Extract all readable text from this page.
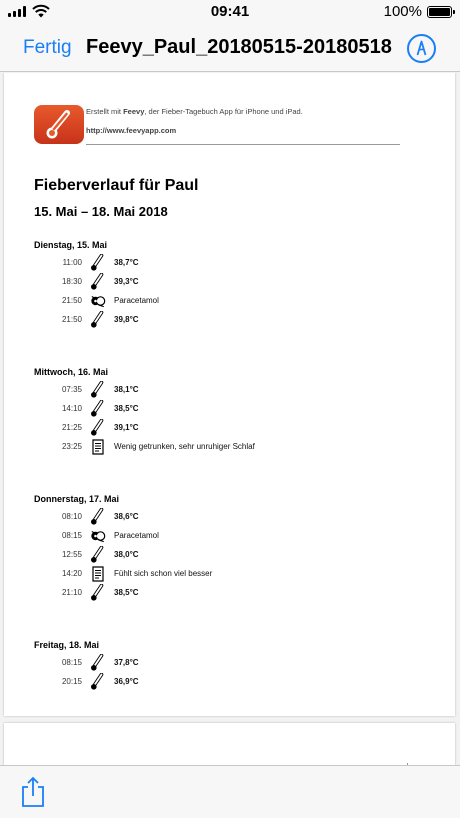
09:41	100%
Fertig Feevy_Paul_20180515-20180518
Erstellt mit Feevy, der Fieber-Tagebuch App für iPhone und iPad.
http://www.feevyapp.com
Fieberverlauf für Paul
15. Mai – 18. Mai 2018
Dienstag, 15. Mai
11:00	38,7°C
18:30	39,3°C
21:50	Paracetamol
21:50	39,8°C
Mittwoch, 16. Mai
07:35	38,1°C
14:10	38,5°C
21:25	39,1°C
23:25	Wenig getrunken, sehr unruhiger Schlaf
Donnerstag, 17. Mai
08:10	38,6°C
08:15	Paracetamol
12:55	38,0°C
14:20	Fühlt sich schon viel besser
21:10	38,5°C
Freitag, 18. Mai
08:15	37,8°C
20:15	36,9°C
